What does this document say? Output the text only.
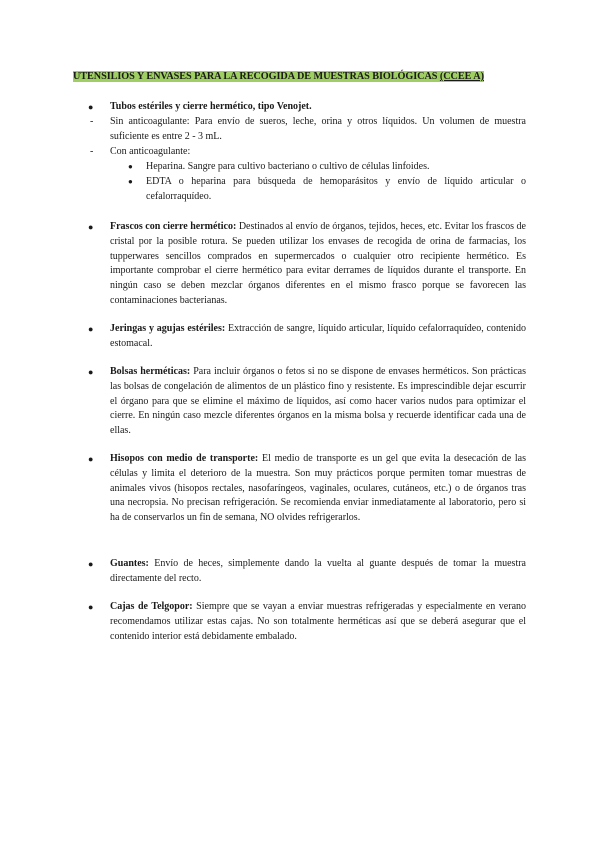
UTENSILIOS Y ENVASES PARA LA RECOGIDA DE MUESTRAS BIOLÓGICAS (CCEE A)
● Tubos estériles y cierre hermético, tipo Venojet.
- Sin anticoagulante: Para envío de sueros, leche, orina y otros líquidos. Un volumen de muestra suficiente es entre 2 - 3 mL.
- Con anticoagulante:
● Heparina. Sangre para cultivo bacteriano o cultivo de células linfoides.
● EDTA o heparina para búsqueda de hemoparásitos y envío de líquido articular o cefalorraquídeo.
● Frascos con cierre hermético: Destinados al envío de órganos, tejidos, heces, etc. Evitar los frascos de cristal por la posible rotura. Se pueden utilizar los envases de recogida de orina de farmacias, los tupperwares sencillos comprados en supermercados o cualquier otro recipiente hermético. Es importante comprobar el cierre hermético para evitar derrames de líquidos durante el transporte. En ningún caso se deben mezclar órganos diferentes en el mismo frasco porque se favorecen las contaminaciones bacterianas.
● Jeringas y agujas estériles: Extracción de sangre, líquido articular, líquido cefalorraquídeo, contenido estomacal.
● Bolsas herméticas: Para incluir órganos o fetos si no se dispone de envases herméticos. Son prácticas las bolsas de congelación de alimentos de un plástico fino y resistente. Es imprescindible dejar escurrir el órgano para que se elimine el máximo de líquidos, así como hacer varios nudos para optimizar el cierre. En ningún caso mezcle diferentes órganos en la misma bolsa y recuerde identificar cada una de ellas.
● Hisopos con medio de transporte: El medio de transporte es un gel que evita la desecación de las células y limita el deterioro de la muestra. Son muy prácticos porque permiten tomar muestras de animales vivos (hisopos rectales, nasofaríngeos, vaginales, oculares, cutáneos, etc.) o de órganos tras una necropsia. No precisan refrigeración. Se recomienda enviar inmediatamente al laboratorio, pero si ha de conservarlos un fin de semana, NO olvides refrigerarlos.
● Guantes: Envío de heces, simplemente dando la vuelta al guante después de tomar la muestra directamente del recto.
● Cajas de Telgopor: Siempre que se vayan a enviar muestras refrigeradas y especialmente en verano recomendamos utilizar estas cajas. No son totalmente herméticas así que se deberá asegurar que el contenido interior está debidamente embalado.
